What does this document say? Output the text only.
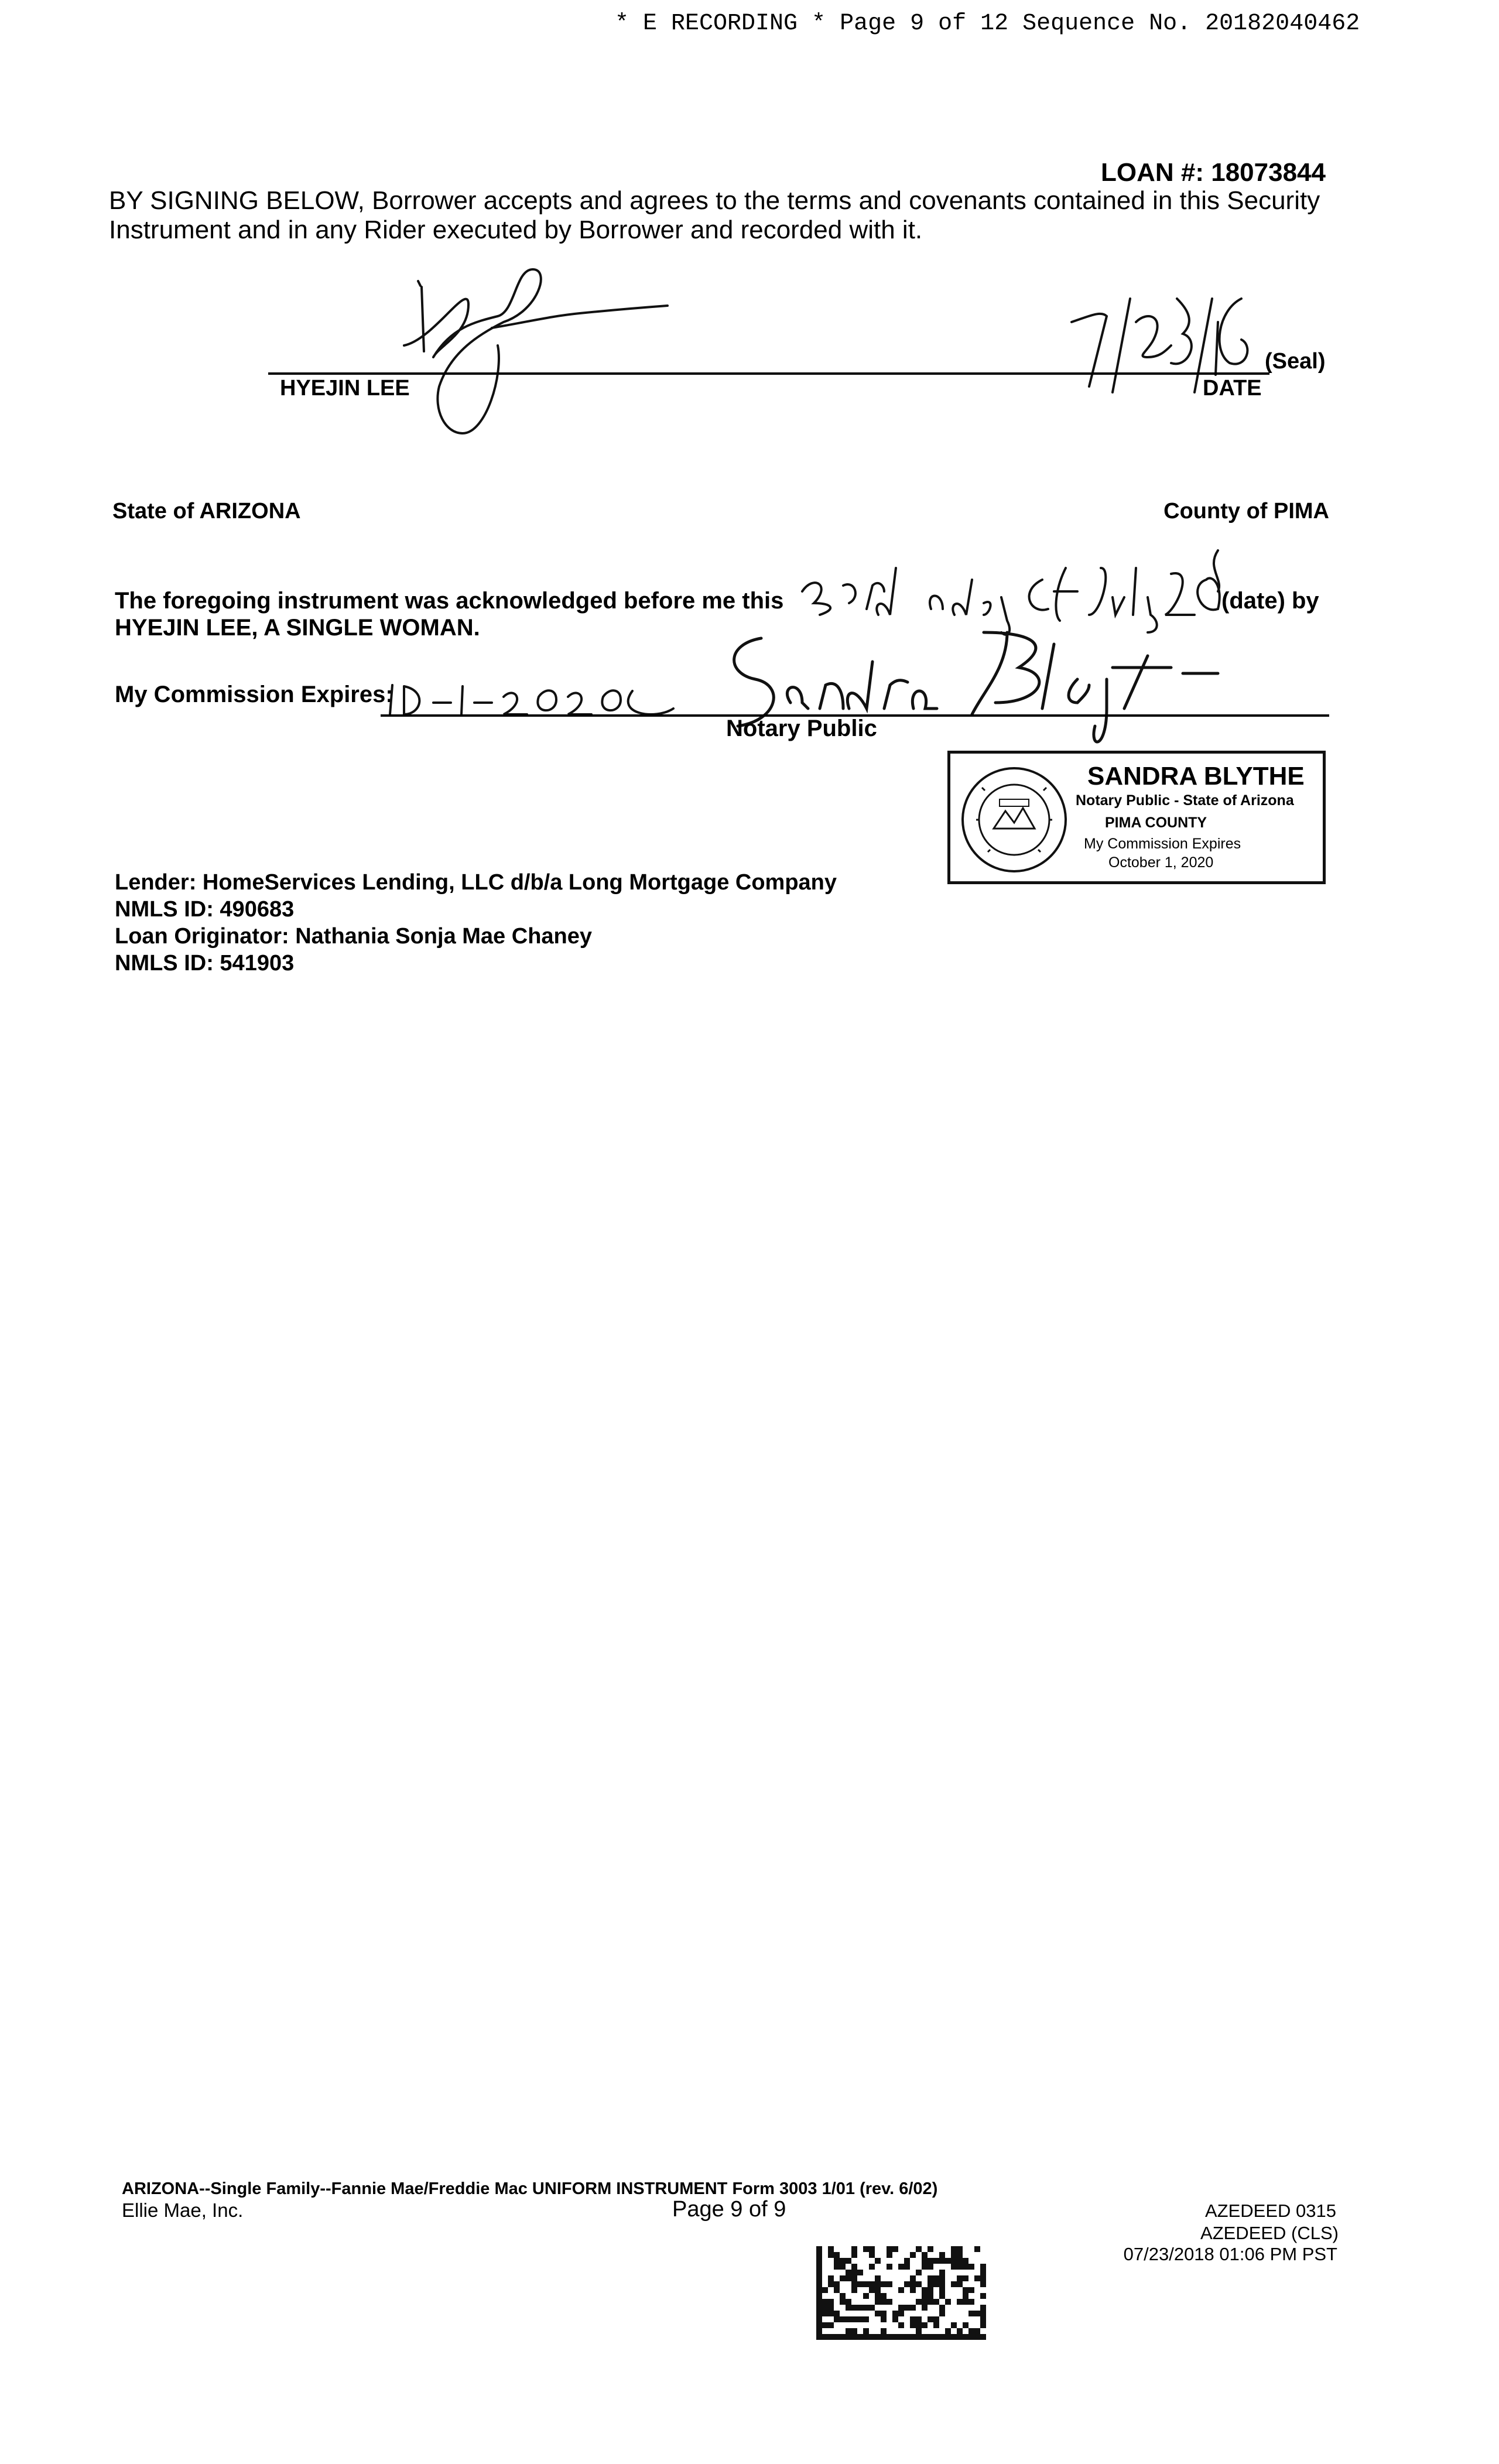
* E RECORDING * Page 9 of 12 Sequence No. 20182040462
LOAN #: 18073844
BY SIGNING BELOW, Borrower accepts and agrees to the terms and covenants contained in this Security Instrument and in any Rider executed by Borrower and recorded with it.
(Seal)
HYEJIN LEE	DATE
State of ARIZONA	County of PIMA
The foregoing instrument was acknowledged before me this	(date) by
HYEJIN LEE, A SINGLE WOMAN.
My Commission Expires:
Notary Public
SANDRA BLYTHE
Notary Public - State of Arizona
PIMA COUNTY
My Commission Expires
October 1, 2020
Lender: HomeServices Lending, LLC d/b/a Long Mortgage Company
NMLS ID: 490683
Loan Originator: Nathania Sonja Mae Chaney
NMLS ID: 541903
ARIZONA--Single Family--Fannie Mae/Freddie Mac UNIFORM INSTRUMENT Form 3003 1/01 (rev. 6/02)
Ellie Mae, Inc.	Page 9 of 9	AZEDEED 0315
AZEDEED (CLS)
07/23/2018 01:06 PM PST
